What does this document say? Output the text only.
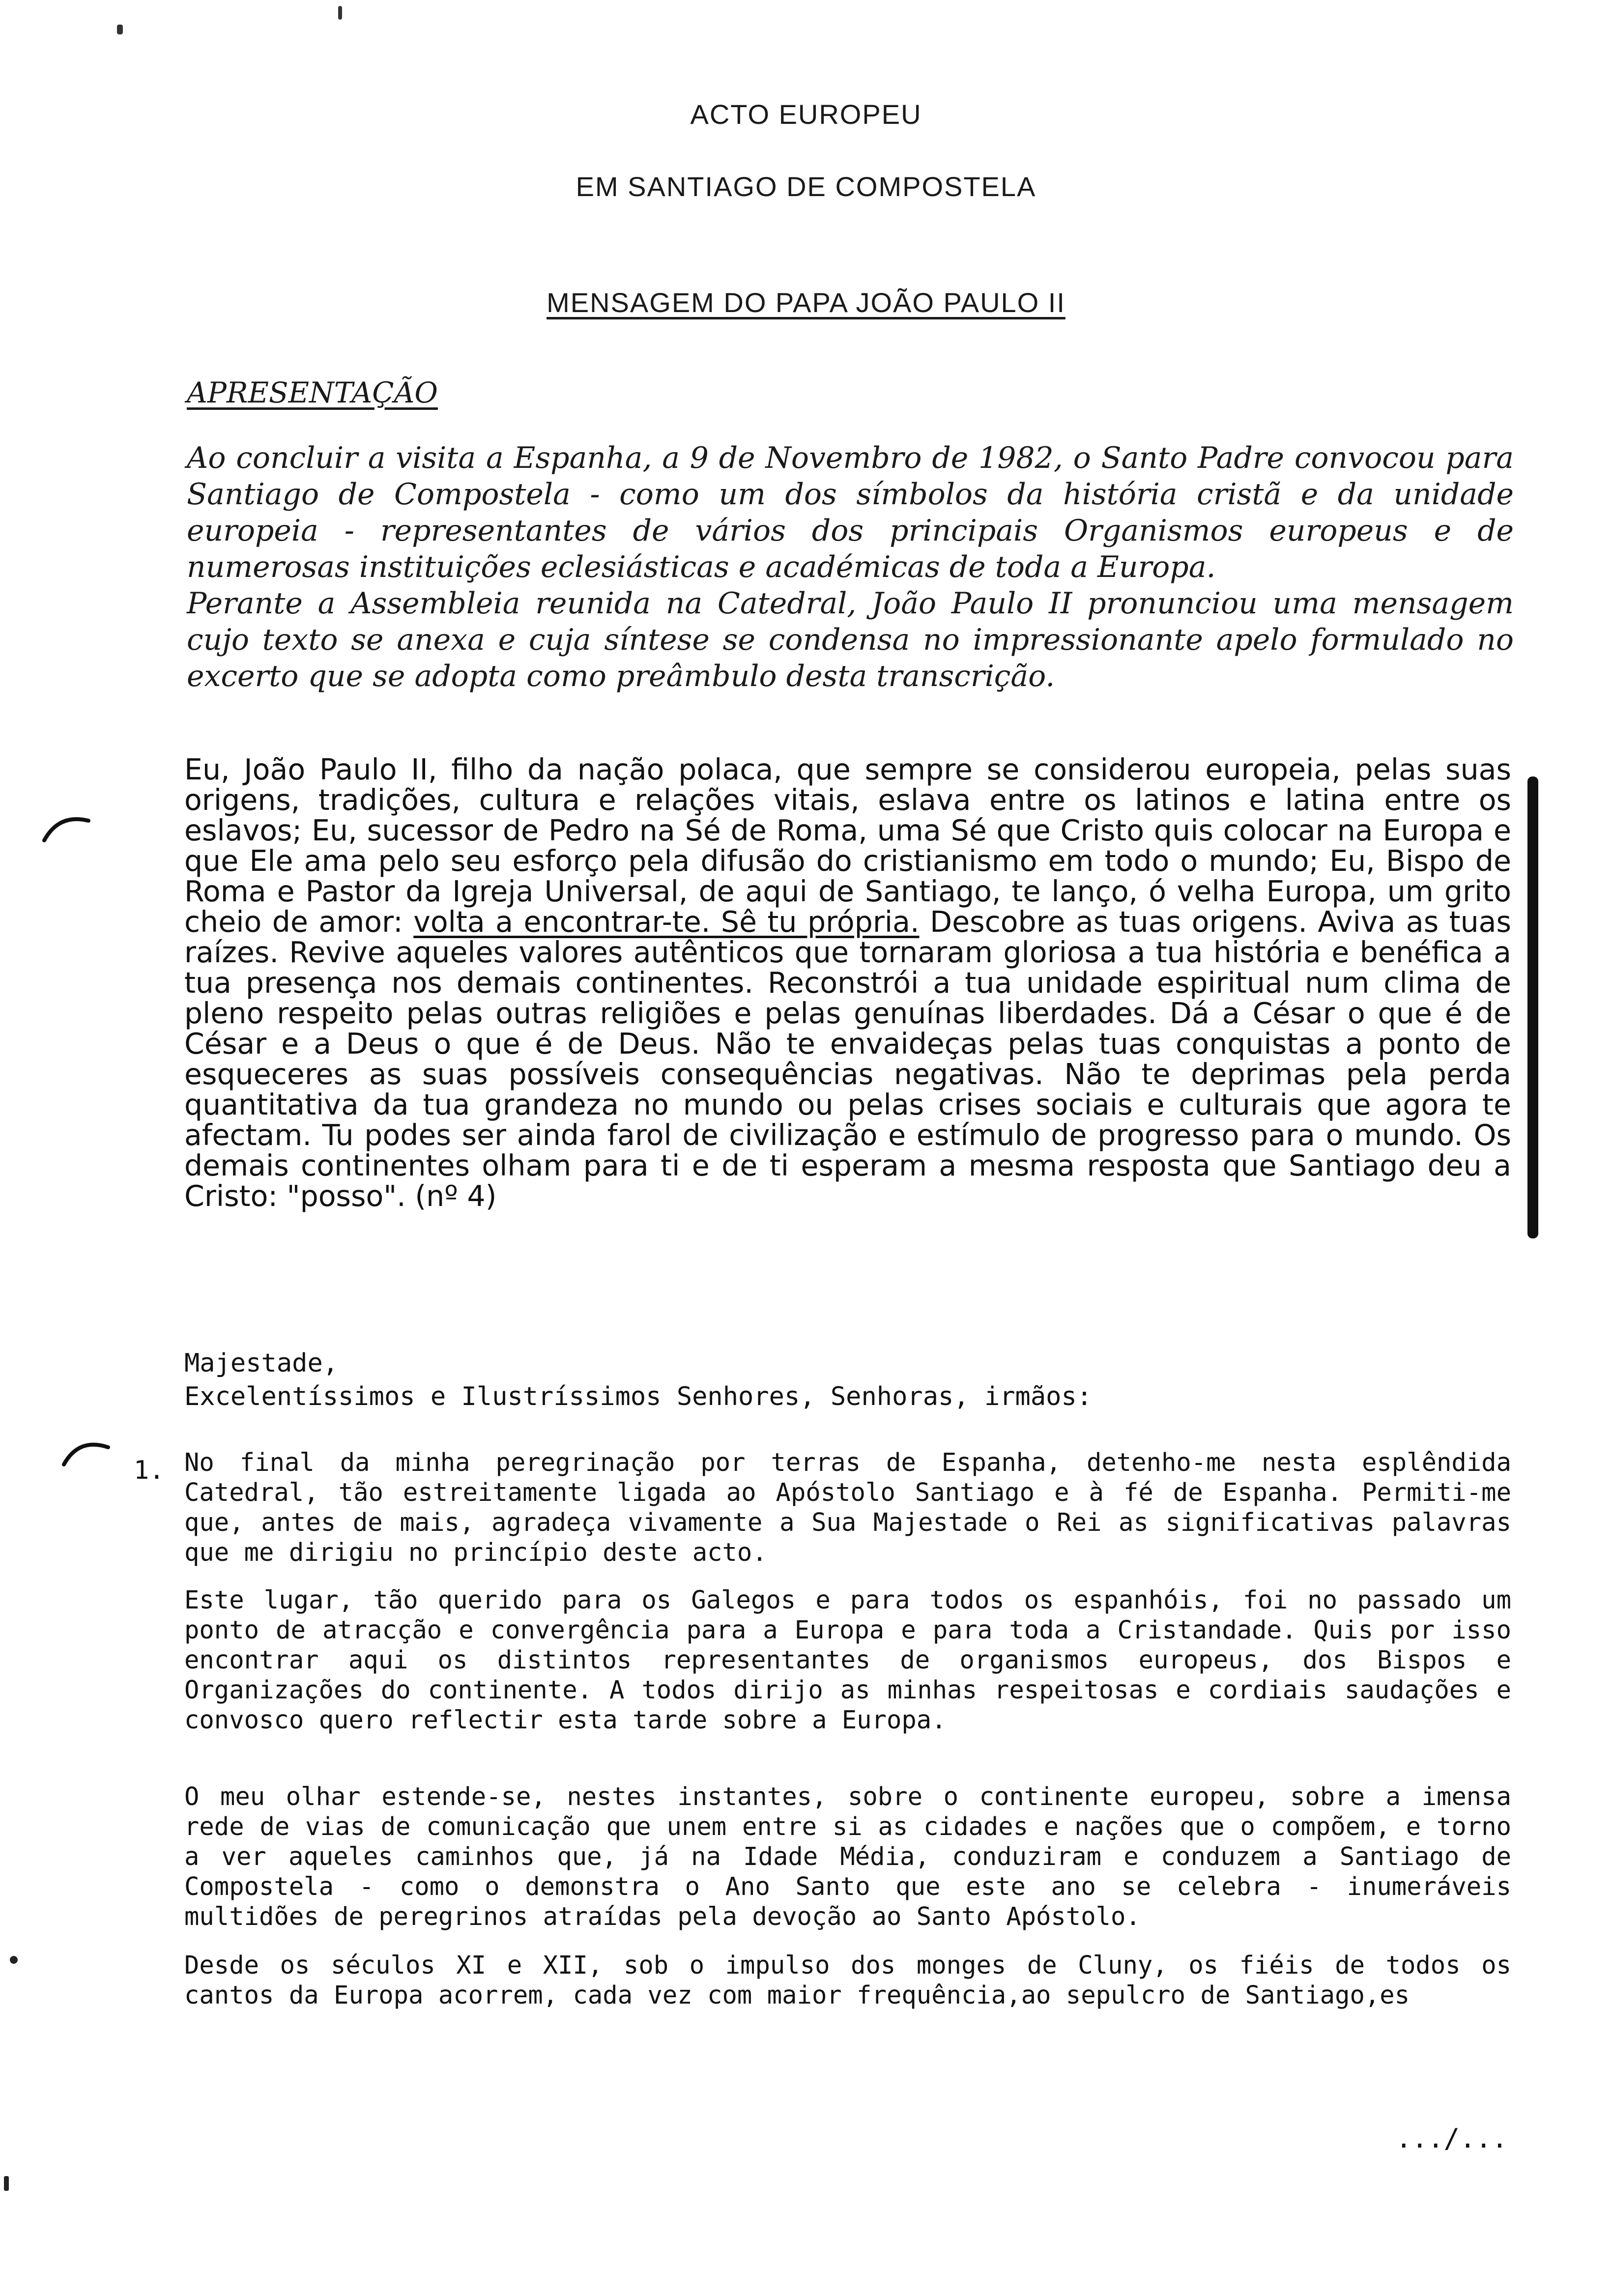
ACTO EUROPEU
EM SANTIAGO DE COMPOSTELA
MENSAGEM DO PAPA JOÃO PAULO II
APRESENTAÇÃO

Ao concluir a visita a Espanha, a 9 de Novembro de 1982, o Santo Padre convocou para Santiago de Compostela - como um dos símbolos da história cristã e da unidade europeia - representantes de vários dos principais Organismos europeus e de numerosas instituições eclesiásticas e académicas de toda a Europa.

Perante a Assembleia reunida na Catedral, João Paulo II pronunciou uma mensagem cujo texto se anexa e cuja síntese se condensa no impressionante apelo formulado no excerto que se adopta como preâmbulo desta transcrição.

Eu, João Paulo II, filho da nação polaca, que sempre se considerou europeia, pelas suas origens, tradições, cultura e relações vitais, eslava entre os latinos e latina entre os eslavos; Eu, sucessor de Pedro na Sé de Roma, uma Sé que Cristo quis colocar na Europa e que Ele ama pelo seu esforço pela difusão do cristianismo em todo o mundo; Eu, Bispo de Roma e Pastor da Igreja Universal, de aqui de Santiago, te lanço, ó velha Europa, um grito cheio de amor: volta a encontrar-te. Sê tu própria. Descobre as tuas origens. Aviva as tuas raízes. Revive aqueles valores autênticos que tornaram gloriosa a tua história e benéfica a tua presença nos demais continentes. Reconstrói a tua unidade espiritual num clima de pleno respeito pelas outras religiões e pelas genuínas liberdades. Dá a César o que é de César e a Deus o que é de Deus. Não te envaideças pelas tuas conquistas a ponto de esqueceres as suas possíveis consequências negativas. Não te deprimas pela perda quantitativa da tua grandeza no mundo ou pelas crises sociais e culturais que agora te afectam. Tu podes ser ainda farol de civilização e estímulo de progresso para o mundo. Os demais continentes olham para ti e de ti esperam a mesma resposta que Santiago deu a Cristo: "posso". (nº 4)
Majestade,
Excelentíssimos e Ilustríssimos Senhores, Senhoras, irmãos:
1. No final da minha peregrinação por terras de Espanha, detenho-me nesta esplêndida Catedral, tão estreitamente ligada ao Apóstolo Santiago e à fé de Espanha. Permiti-me que, antes de mais, agradeça vivamente a Sua Majestade o Rei as significativas palavras que me dirigiu no princípio deste acto.

Este lugar, tão querido para os Galegos e para todos os espanhóis, foi no passado um ponto de atracção e convergência para a Europa e para toda a Cristandade. Quis por isso encontrar aqui os distintos representantes de organismos europeus, dos Bispos e Organizações do continente. A todos dirijo as minhas respeitosas e cordiais saudações e convosco quero reflectir esta tarde sobre a Europa.

O meu olhar estende-se, nestes instantes, sobre o continente europeu, sobre a imensa rede de vias de comunicação que unem entre si as cidades e nações que o compõem, e torno a ver aqueles caminhos que, já na Idade Média, conduziram e conduzem a Santiago de Compostela - como o demonstra o Ano Santo que este ano se celebra - inumeráveis multidões de peregrinos atraídas pela devoção ao Santo Apóstolo.

Desde os séculos XI e XII, sob o impulso dos monges de Cluny, os fiéis de todos os cantos da Europa acorrem, cada vez com maior frequência,ao sepulcro de Santiago,es

.../...
